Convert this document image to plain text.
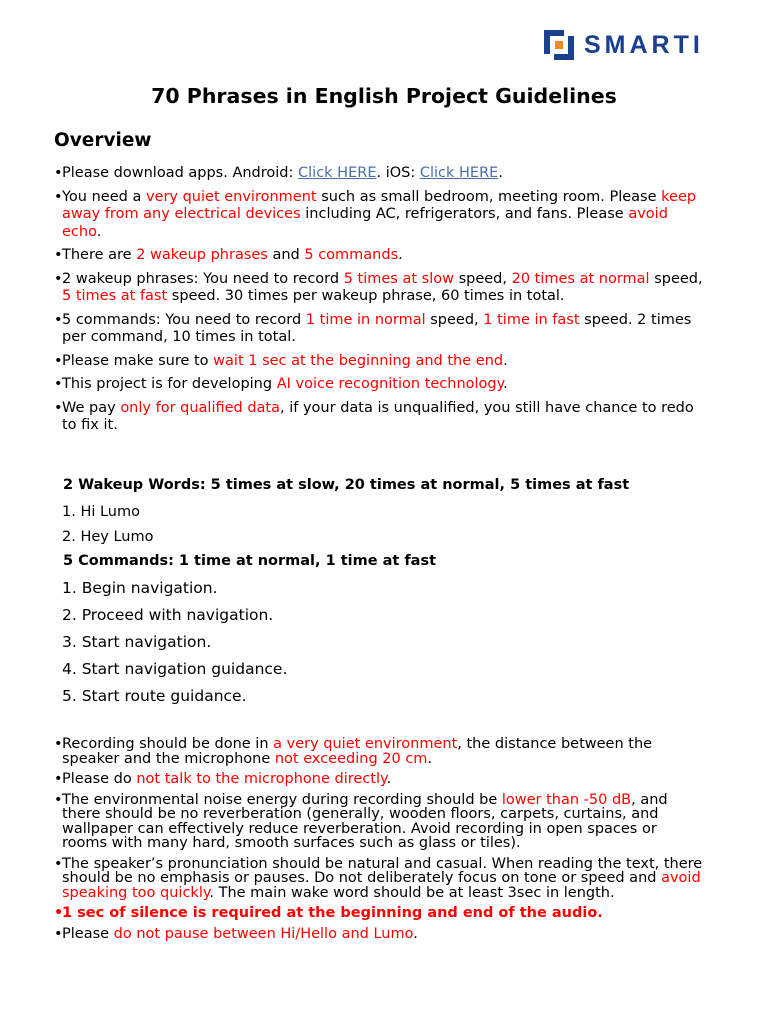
SMARTI
70 Phrases in English Project Guidelines
Overview
• Please download apps. Android: Click HERE. iOS: Click HERE.
• You need a very quiet environment such as small bedroom, meeting room. Please keep away from any electrical devices including AC, refrigerators, and fans. Please avoid echo.
• There are 2 wakeup phrases and 5 commands.
• 2 wakeup phrases: You need to record 5 times at slow speed, 20 times at normal speed, 5 times at fast speed. 30 times per wakeup phrase, 60 times in total.
• 5 commands: You need to record 1 time in normal speed, 1 time in fast speed. 2 times per command, 10 times in total.
• Please make sure to wait 1 sec at the beginning and the end.
• This project is for developing AI voice recognition technology.
• We pay only for qualified data, if your data is unqualified, you still have chance to redo to fix it.
2 Wakeup Words: 5 times at slow, 20 times at normal, 5 times at fast
1. Hi Lumo
2. Hey Lumo
5 Commands: 1 time at normal, 1 time at fast
1. Begin navigation.
2. Proceed with navigation.
3. Start navigation.
4. Start navigation guidance.
5. Start route guidance.
• Recording should be done in a very quiet environment, the distance between the speaker and the microphone not exceeding 20 cm.
• Please do not talk to the microphone directly.
• The environmental noise energy during recording should be lower than -50 dB, and there should be no reverberation (generally, wooden floors, carpets, curtains, and wallpaper can effectively reduce reverberation. Avoid recording in open spaces or rooms with many hard, smooth surfaces such as glass or tiles).
• The speaker’s pronunciation should be natural and casual. When reading the text, there should be no emphasis or pauses. Do not deliberately focus on tone or speed and avoid speaking too quickly. The main wake word should be at least 3sec in length.
• 1 sec of silence is required at the beginning and end of the audio.
• Please do not pause between Hi/Hello and Lumo.
